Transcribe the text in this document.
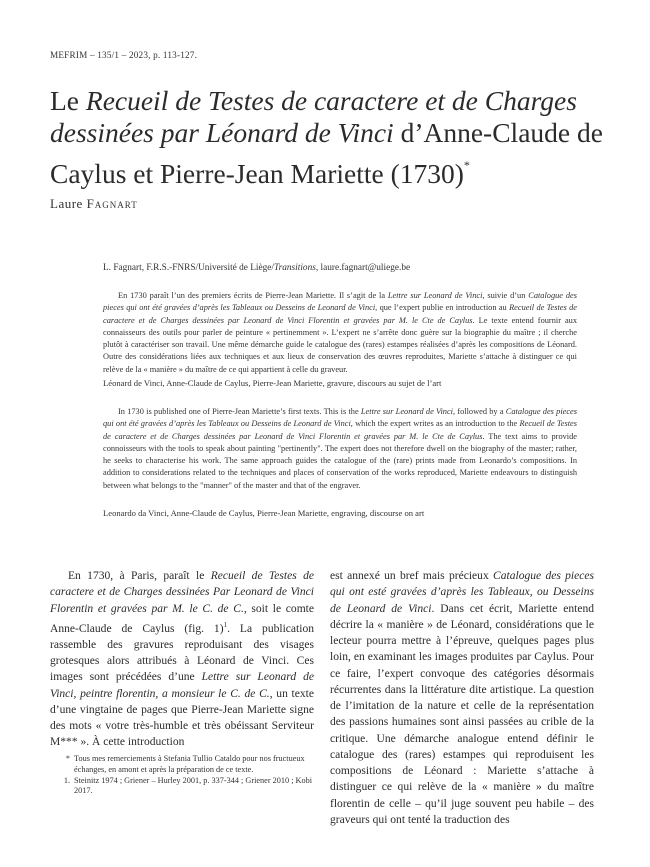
MEFRIM – 135/1 – 2023, p. 113-127.
Le Recueil de Testes de caractere et de Charges dessinées par Léonard de Vinci d’Anne-Claude de Caylus et Pierre-Jean Mariette (1730)*
Laure Fagnart
L. Fagnart, F.R.S.-FNRS/Université de Liège/Transitions, laure.fagnart@uliege.be

En 1730 paraît l’un des premiers écrits de Pierre-Jean Mariette. Il s’agit de la Lettre sur Leonard de Vinci, suivie d’un Catalogue des pieces qui ont été gravées d’après les Tableaux ou Desseins de Leonard de Vinci, que l’expert publie en introduction au Recueil de Testes de caractere et de Charges dessinées par Leonard de Vinci Florentin et gravées par M. le Cte de Caylus. Le texte entend fournir aux connaisseurs des outils pour parler de peinture « pertinemment ». L’expert ne s’arrête donc guère sur la biographie du maître ; il cherche plutôt à caractériser son travail. Une même démarche guide le catalogue des (rares) estampes réalisées d’après les compositions de Léonard. Outre des considérations liées aux techniques et aux lieux de conservation des œuvres reproduites, Mariette s’attache à distinguer ce qui relève de la « manière » du maître de ce qui appartient à celle du graveur.

Léonard de Vinci, Anne-Claude de Caylus, Pierre-Jean Mariette, gravure, discours au sujet de l’art

In 1730 is published one of Pierre-Jean Mariette’s first texts. This is the Lettre sur Leonard de Vinci, followed by a Catalogue des pieces qui ont été gravées d’après les Tableaux ou Desseins de Leonard de Vinci, which the expert writes as an introduction to the Recueil de Testes de caractere et de Charges dessinées par Leonard de Vinci Florentin et gravées par M. le Cte de Caylus. The text aims to provide connoisseurs with the tools to speak about painting "pertinently". The expert does not therefore dwell on the biography of the master; rather, he seeks to characterise his work. The same approach guides the catalogue of the (rare) prints made from Leonardo’s compositions. In addition to considerations related to the techniques and places of conservation of the works reproduced, Mariette endeavours to distinguish between what belongs to the "manner" of the master and that of the engraver.

Leonardo da Vinci, Anne-Claude de Caylus, Pierre-Jean Mariette, engraving, discourse on art

En 1730, à Paris, paraît le Recueil de Testes de caractere et de Charges dessinées Par Leonard de Vinci Florentin et gravées par M. le C. de C., soit le comte Anne-Claude de Caylus (fig. 1)$^1$. La publication rassemble des gravures reproduisant des visages grotesques alors attribués à Léonard de Vinci. Ces images sont précédées d’une Lettre sur Leonard de Vinci, peintre florentin, a monsieur le C. de C., un texte d’une vingtaine de pages que Pierre-Jean Mariette signe des mots « votre très-humble et très obéissant Serviteur M*** ». À cette introduction

est annexé un bref mais précieux Catalogue des pieces qui ont esté gravées d’après les Tableaux, ou Desseins de Leonard de Vinci. Dans cet écrit, Mariette entend décrire la « manière » de Léonard, considérations que le lecteur pourra mettre à l’épreuve, quelques pages plus loin, en examinant les images produites par Caylus. Pour ce faire, l’expert convoque des catégories désormais récurrentes dans la littérature dite artistique. La question de l’imitation de la nature et celle de la représentation des passions humaines sont ainsi passées au crible de la critique. Une démarche analogue entend définir le catalogue des (rares) estampes qui reproduisent les compositions de Léonard : Mariette s’attache à distinguer ce qui relève de la « manière » du maître florentin de celle – qu’il juge souvent peu habile – des graveurs qui ont tenté la traduction des

* Tous mes remerciements à Stefania Tullio Cataldo pour nos fructueux échanges, en amont et après la préparation de ce texte.

1. Steinitz 1974 ; Griener – Hurley 2001, p. 337-344 ; Griener 2010 ; Kobi 2017.
